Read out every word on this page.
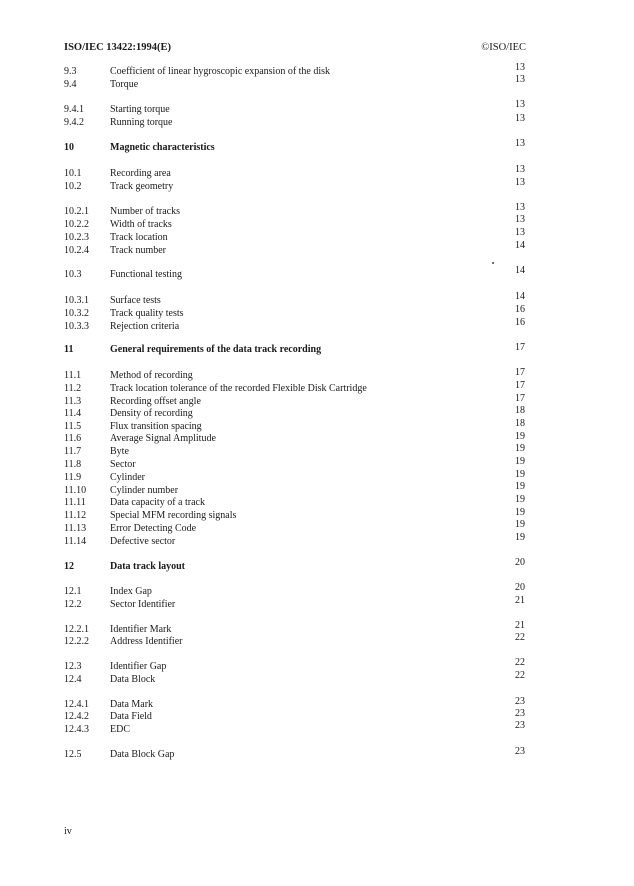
ISO/IEC 13422:1994(E)	©ISO/IEC
9.3	Coefficient of linear hygroscopic expansion of the disk	13
9.4	Torque	13
9.4.1	Starting torque	13
9.4.2	Running torque	13
10	Magnetic characteristics	13
10.1	Recording area	13
10.2	Track geometry	13
10.2.1 Number of tracks	13
10.2.2 Width of tracks	13
10.2.3 Track location	13
10.2.4 Track number	14
10.3	Functional testing	14
10.3.1 Surface tests	14
10.3.2 Track quality tests	16
10.3.3 Rejection criteria	16
11	General requirements of the data track recording	17
11.1	Method of recording	17
11.2	Track location tolerance of the recorded Flexible Disk Cartridge	17
11.3	Recording offset angle	17
11.4	Density of recording	18
11.5	Flux transition spacing	18
11.6	Average Signal Amplitude	19
11.7	Byte	19
11.8	Sector	19
11.9	Cylinder	19
11.10 Cylinder number	19
11.11 Data capacity of a track	19
11.12 Special MFM recording signals	19
11.13 Error Detecting Code	19
11.14 Defective sector	19
12	Data track layout	20
12.1	Index Gap	20
12.2	Sector Identifier	21
12.2.1 Identifier Mark	21
12.2.2 Address Identifier	22
12.3	Identifier Gap	22
12.4	Data Block	22
12.4.1 Data Mark	23
12.4.2 Data Field	23
12.4.3 EDC	23
12.5	Data Block Gap	23
iv
